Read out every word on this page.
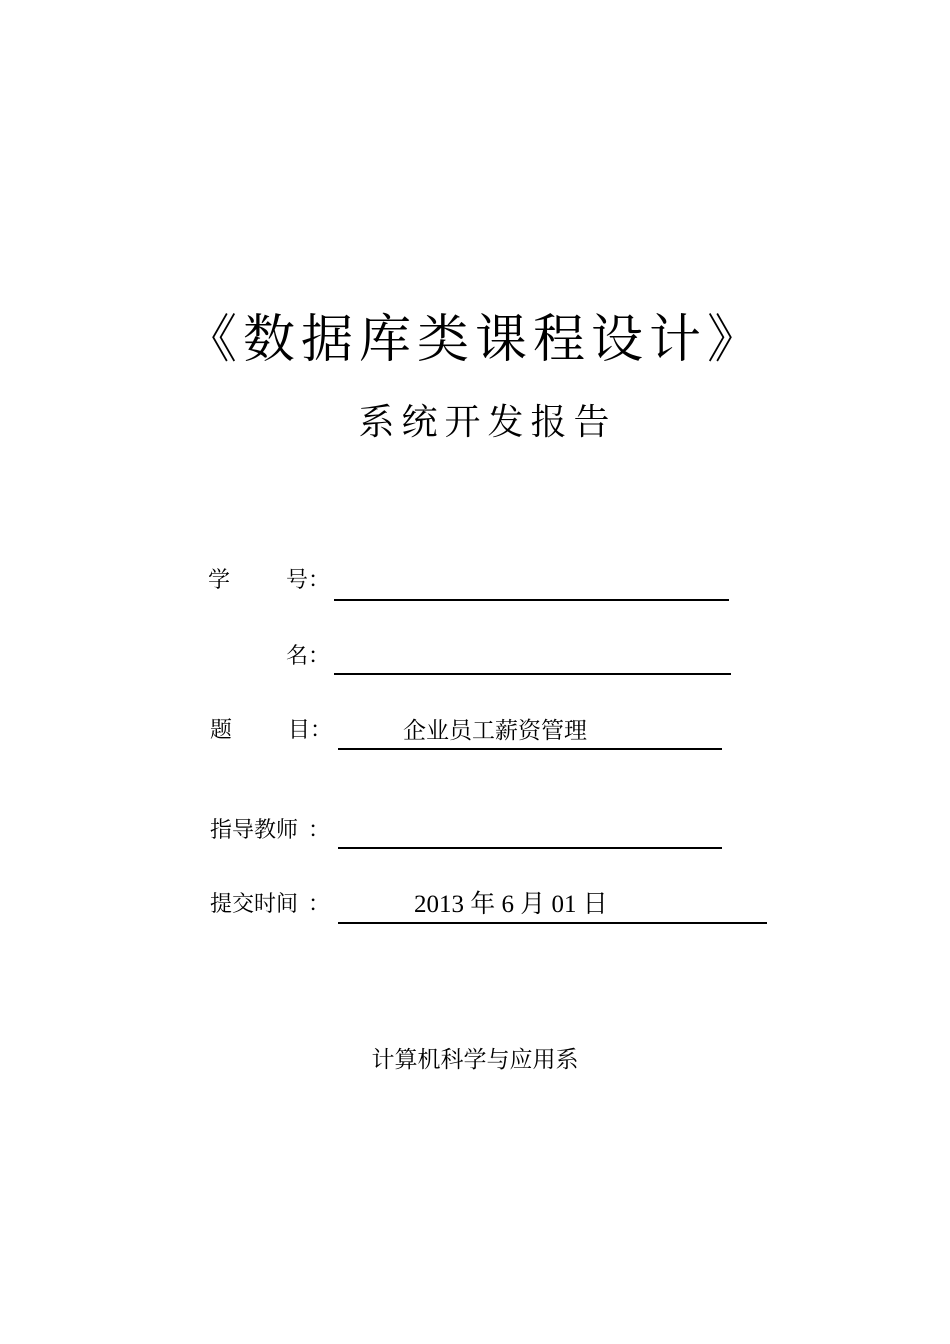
《数据库类课程设计》
系统开发报告
学	号 ：
名 ：
题	目 ：	企业员工薪资管理
指导教师 ：
提交时间 ：	2013 年 6 月 01 日
计算机科学与应用系
